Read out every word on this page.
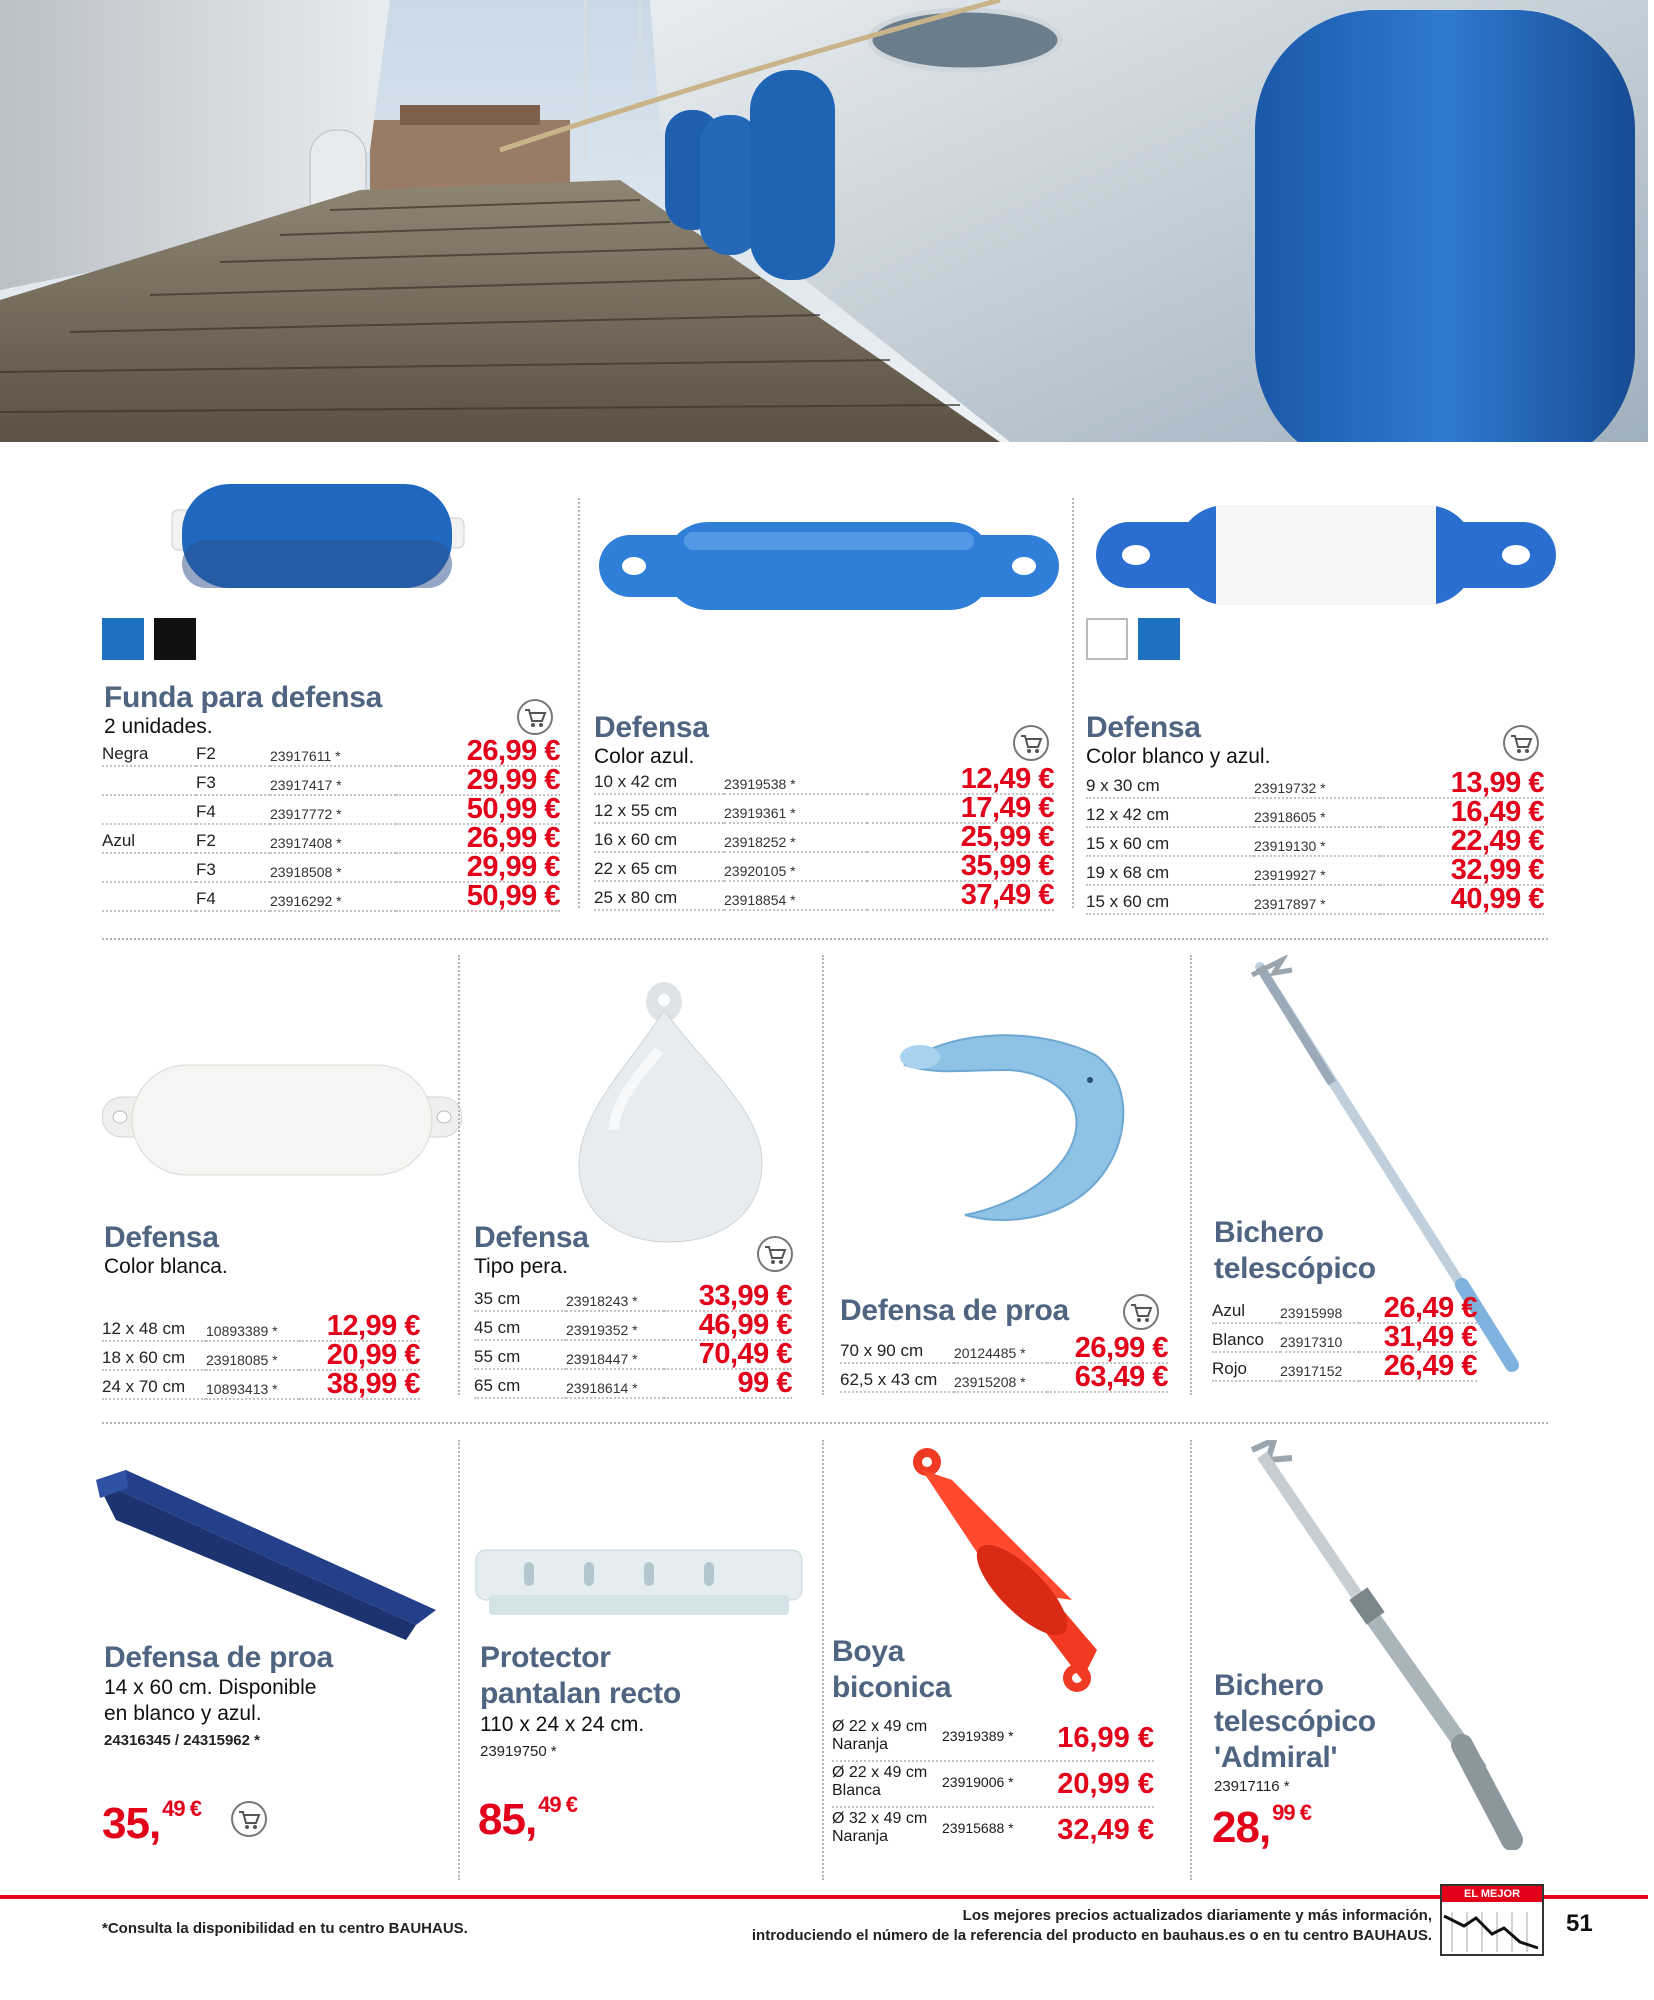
Funda para defensa
2 unidades.
Negra	F2	23917611 *	26,99 €
	F3	23917417 *	29,99 €
	F4	23917772 *	50,99 €
Azul	F2	23917408 *	26,99 €
	F3	23918508 *	29,99 €
	F4	23916292 *	50,99 €
Defensa
Color azul.
10 x 42 cm	23919538 *	12,49 €
12 x 55 cm	23919361 *	17,49 €
16 x 60 cm	23918252 *	25,99 €
22 x 65 cm	23920105 *	35,99 €
25 x 80 cm	23918854 *	37,49 €
Defensa
Color blanco y azul.
9 x 30 cm	23919732 *	13,99 €
12 x 42 cm	23918605 *	16,49 €
15 x 60 cm	23919130 *	22,49 €
19 x 68 cm	23919927 *	32,99 €
15 x 60 cm	23917897 *	40,99 €
Defensa
Color blanca.
12 x 48 cm	10893389 *	12,99 €
18 x 60 cm	23918085 *	20,99 €
24 x 70 cm	10893413 *	38,99 €
Defensa
Tipo pera.
35 cm	23918243 *	33,99 €
45 cm	23919352 *	46,99 €
55 cm	23918447 *	70,49 €
65 cm	23918614 *	99 €
Defensa de proa
70 x 90 cm	20124485 *	26,99 €
62,5 x 43 cm	23915208 *	63,49 €
Bichero
telescópico
Azul	23915998	26,49 €
Blanco	23917310	31,49 €
Rojo	23917152	26,49 €
Defensa de proa
14 x 60 cm. Disponible
en blanco y azul.
24316345 / 24315962 *
35,$^{49 €}$
Protector
pantalan recto
110 x 24 x 24 cm.
23919750 *
85,$^{49 €}$
Boya
biconica
Ø 22 x 49 cm
Naranja	23919389 * 16,99 €
Ø 22 x 49 cm
Blanca	23919006 * 20,99 €
Ø 32 x 49 cm
Naranja	23915688 * 32,49 €
Bichero
telescópico
'Admiral'
23917116 *
28,$^{99 €}$
*Consulta la disponibilidad en tu centro BAUHAUS.
Los mejores precios actualizados diariamente y más información,
introduciendo el número de la referencia del producto en bauhaus.es o en tu centro BAUHAUS.
EL MEJOR PRECIO	51
